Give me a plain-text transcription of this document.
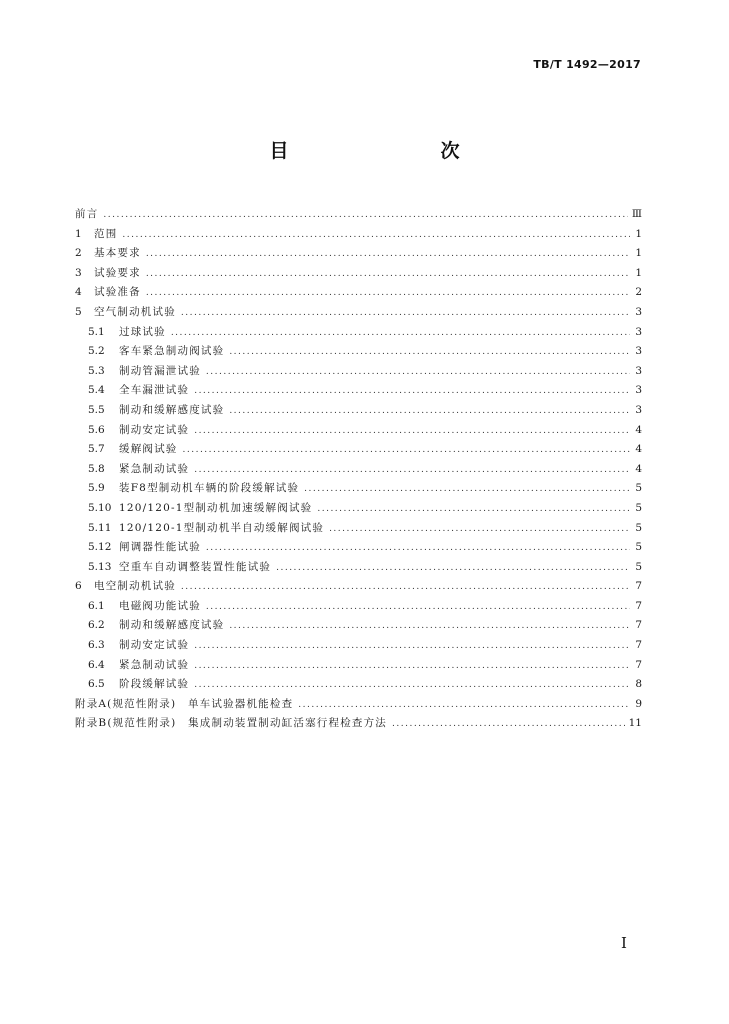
TB/T 1492—2017
目　　次
前言 .....	Ⅲ
1	范围 .....	1
2	基本要求 .....	1
3	试验要求 .....	1
4	试验准备 .....	2
5	空气制动机试验 .....	3
5.1	过球试验 .....	3
5.2	客车紧急制动阀试验 .....	3
5.3	制动管漏泄试验 .....	3
5.4	全车漏泄试验 .....	3
5.5	制动和缓解感度试验 .....	3
5.6	制动安定试验 .....	4
5.7	缓解阀试验 .....	4
5.8	紧急制动试验 .....	4
5.9	装F8型制动机车辆的阶段缓解试验 .....	5
5.10 120/120-1型制动机加速缓解阀试验 .....	5
5.11 120/120-1型制动机半自动缓解阀试验 .....	5
5.12 闸调器性能试验 .....	5
5.13 空重车自动调整装置性能试验 .....	5
6	电空制动机试验 .....	7
6.1	电磁阀功能试验 .....	7
6.2	制动和缓解感度试验 .....	7
6.3	制动安定试验 .....	7
6.4	紧急制动试验 .....	7
6.5	阶段缓解试验 .....	8
附录A(规范性附录)　单车试验器机能检查 .....	9
附录B(规范性附录)　集成制动装置制动缸活塞行程检查方法 .....	11
I
